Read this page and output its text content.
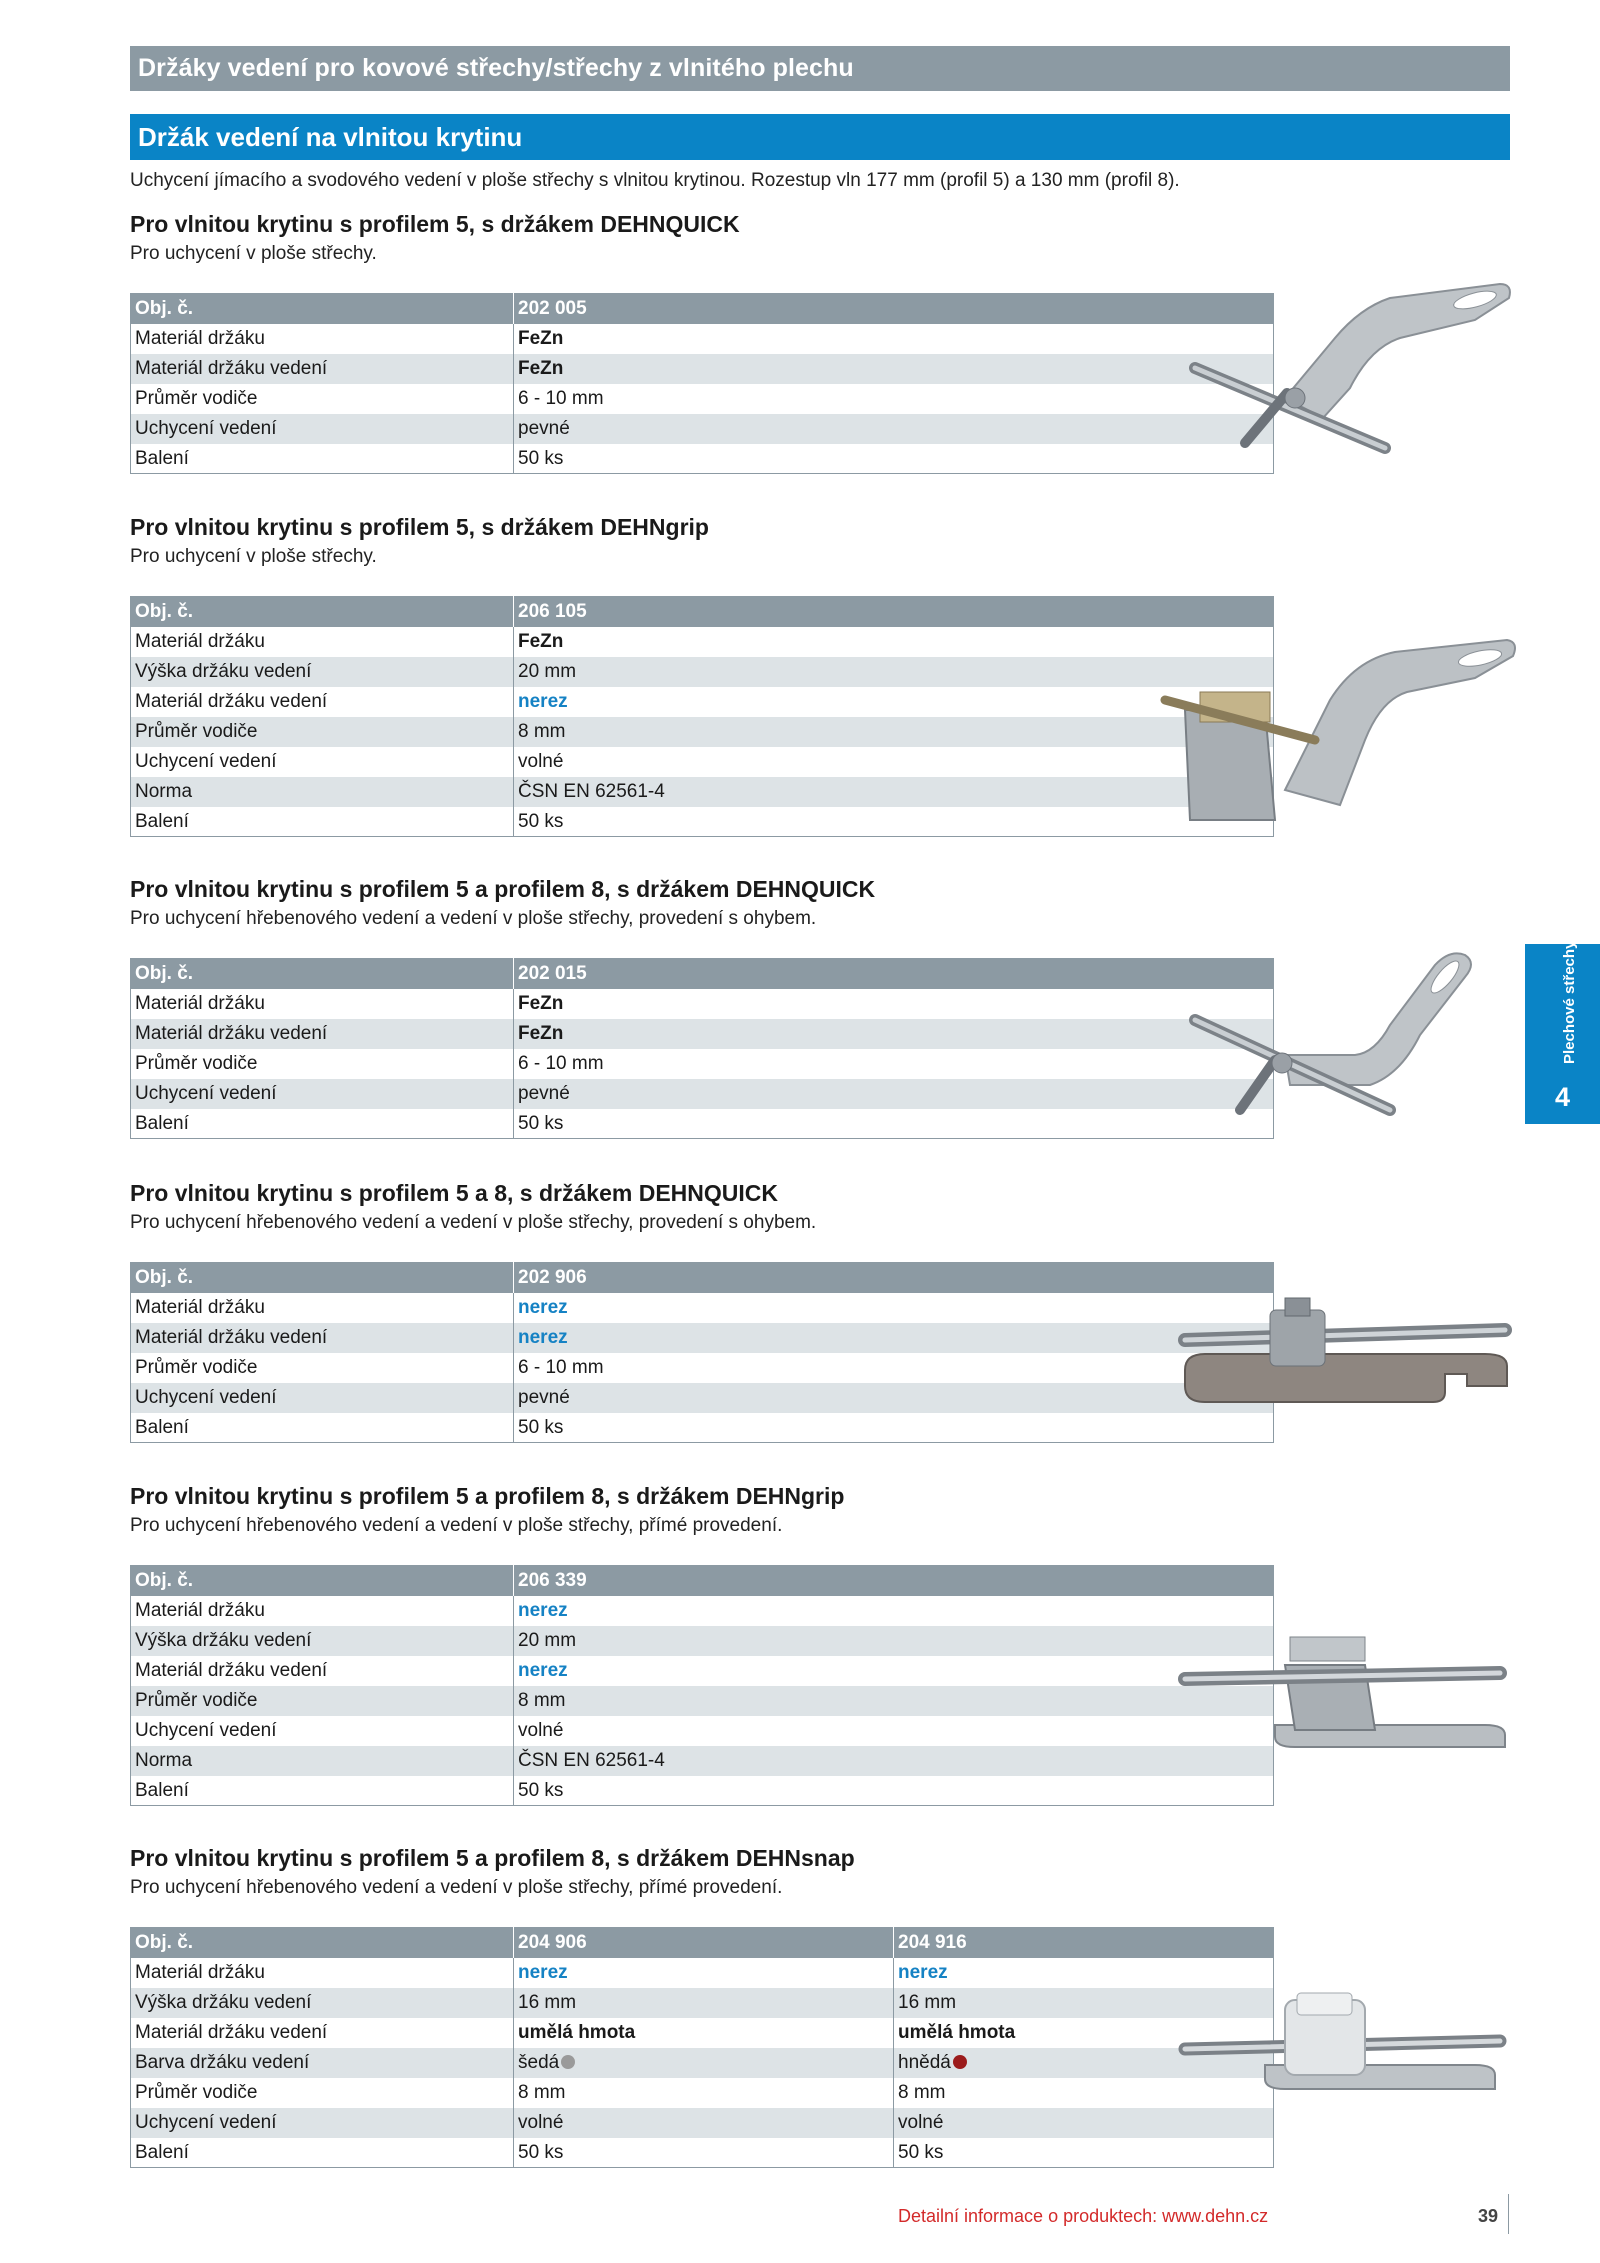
Držáky vedení pro kovové střechy/střechy z vlnitého plechu
Držák vedení na vlnitou krytinu
Uchycení jímacího a svodového vedení v ploše střechy s vlnitou krytinou. Rozestup vln 177 mm (profil 5) a 130 mm (profil 8).
Pro vlnitou krytinu s profilem 5, s držákem DEHNQUICK
Pro uchycení v ploše střechy.
Obj. č.	202 005
Materiál držáku	FeZn
Materiál držáku vedení	FeZn
Průměr vodiče	6 - 10 mm
Uchycení vedení	pevné
Balení	50 ks
Pro vlnitou krytinu s profilem 5, s držákem DEHNgrip
Pro uchycení v ploše střechy.
Obj. č.	206 105
Materiál držáku	FeZn
Výška držáku vedení	20 mm
Materiál držáku vedení	nerez
Průměr vodiče	8 mm
Uchycení vedení	volné
Norma	ČSN EN 62561-4
Balení	50 ks
Pro vlnitou krytinu s profilem 5 a profilem 8, s držákem DEHNQUICK
Pro uchycení hřebenového vedení a vedení v ploše střechy, provedení s ohybem.
Obj. č.	202 015
Materiál držáku	FeZn
Materiál držáku vedení	FeZn
Průměr vodiče	6 - 10 mm
Uchycení vedení	pevné
Balení	50 ks
Pro vlnitou krytinu s profilem 5 a 8, s držákem DEHNQUICK
Pro uchycení hřebenového vedení a vedení v ploše střechy, provedení s ohybem.
Obj. č.	202 906
Materiál držáku	nerez
Materiál držáku vedení	nerez
Průměr vodiče	6 - 10 mm
Uchycení vedení	pevné
Balení	50 ks
Pro vlnitou krytinu s profilem 5 a profilem 8, s držákem DEHNgrip
Pro uchycení hřebenového vedení a vedení v ploše střechy, přímé provedení.
Obj. č.	206 339
Materiál držáku	nerez
Výška držáku vedení	20 mm
Materiál držáku vedení	nerez
Průměr vodiče	8 mm
Uchycení vedení	volné
Norma	ČSN EN 62561-4
Balení	50 ks
Pro vlnitou krytinu s profilem 5 a profilem 8, s držákem DEHNsnap
Pro uchycení hřebenového vedení a vedení v ploše střechy, přímé provedení.
Obj. č.	204 906	204 916
Materiál držáku	nerez	nerez
Výška držáku vedení	16 mm	16 mm
Materiál držáku vedení	umělá hmota	umělá hmota
Barva držáku vedení	šedá	hnědá
Průměr vodiče	8 mm	8 mm
Uchycení vedení	volné	volné
Balení	50 ks	50 ks
Plechové střechy
4
Detailní informace o produktech: www.dehn.cz	39
